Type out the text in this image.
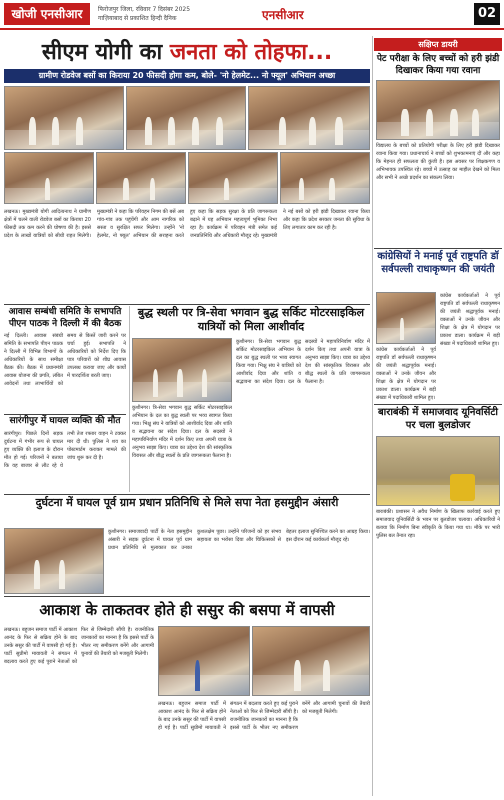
खोजी एनसीआर	फिरोजपुर जिला, रविवार 7 दिसंबर 2025
गाज़ियाबाद से प्रकाशित हिन्दी दैनिक	एनसीआर	02
सीएम योगी का जनता को तोहफा...
ग्रामीण रोडवेज बसों का किराया 20 फीसदी होगा कम, बोले- 'नो हेलमेट... नो फ्यूल' अभियान अच्छा
लखनऊ। मुख्यमंत्री योगी आदित्यनाथ ने ग्रामीण क्षेत्रों में चलने वाली रोडवेज बसों का किराया 20 फीसदी तक कम करने की घोषणा की है। इससे प्रदेश के लाखों यात्रियों को सीधी राहत मिलेगी। मुख्यमंत्री ने कहा कि परिवहन निगम की बसें अब गांव-गांव तक पहुंचेंगी और आम नागरिक को सस्ता व सुरक्षित सफर मिलेगा। उन्होंने 'नो हेलमेट, नो फ्यूल' अभियान की सराहना करते हुए कहा कि सड़क सुरक्षा के प्रति जागरूकता बढ़ाने में यह अभियान महत्वपूर्ण भूमिका निभा रहा है। कार्यक्रम में परिवहन मंत्री समेत कई जनप्रतिनिधि और अधिकारी मौजूद रहे। मुख्यमंत्री ने नई बसों को हरी झंडी दिखाकर रवाना किया और कहा कि प्रदेश सरकार जनता की सुविधा के लिए लगातार काम कर रही है।
आवास सम्बंधी समिति के सभापति
पीएन पाठक ने दिल्ली में की बैठक
नई दिल्ली। आवास संबंधी समिति के सभापति पीएन पाठक ने दिल्ली में विभिन्न विभागों के अधिकारियों के साथ समीक्षा बैठक की। बैठक में प्रधानमंत्री आवास योजना की प्रगति, लंबित आवेदनों तथा लाभार्थियों को समय से किस्तें जारी करने पर चर्चा हुई। सभापति ने अधिकारियों को निर्देश दिए कि पात्र परिवारों को शीघ्र आवास उपलब्ध कराया जाए और कार्यों में पारदर्शिता बरती जाए।
सारंगीपुर में घायल व्यक्ति की मौत
सारंगीपुर। पिछले दिनों सड़क दुर्घटना में गंभीर रूप से घायल हुए व्यक्ति की इलाज के दौरान मौत हो गई। परिजनों ने बताया कि वह बाजार से लौट रहे थे तभी तेज रफ्तार वाहन ने टक्कर मार दी थी। पुलिस ने शव का पोस्टमार्टम कराकर मामले की जांच शुरू कर दी है।
बुद्ध स्थली पर त्रि-सेवा भगवान बुद्ध सर्किट मोटरसाइकिल यात्रियों को मिला आशीर्वाद
कुशीनगर। त्रि-सेवा भगवान बुद्ध सर्किट मोटरसाइकिल अभियान के दल का बुद्ध स्थली पर भव्य स्वागत किया गया। भिक्षु संघ ने यात्रियों को आशीर्वाद दिया और शांति व सद्भावना का संदेश दिया। दल के सदस्यों ने महापरिनिर्वाण मंदिर में दर्शन किए तथा अपनी यात्रा के अनुभव साझा किए। यात्रा का उद्देश्य देश की सांस्कृतिक विरासत और बौद्ध स्थलों के प्रति जागरूकता फैलाना है।
कुशीनगर। त्रि-सेवा भगवान बुद्ध सर्किट मोटरसाइकिल अभियान के दल का बुद्ध स्थली पर भव्य स्वागत किया गया। भिक्षु संघ ने यात्रियों को आशीर्वाद दिया और शांति व सद्भावना का संदेश दिया। दल के सदस्यों ने महापरिनिर्वाण मंदिर में दर्शन किए तथा अपनी यात्रा के अनुभव साझा किए। यात्रा का उद्देश्य देश की सांस्कृतिक विरासत और बौद्ध स्थलों के प्रति जागरूकता फैलाना है।
दुर्घटना में घायल पूर्व ग्राम प्रधान प्रतिनिधि से मिले सपा नेता हसमुद्दीन अंसारी
कुशीनगर। समाजवादी पार्टी के नेता हसमुद्दीन अंसारी ने सड़क दुर्घटना में घायल पूर्व ग्राम प्रधान प्रतिनिधि से मुलाकात कर उनका कुशलक्षेम पूछा। उन्होंने परिजनों को हर संभव सहायता का भरोसा दिया और चिकित्सकों से बेहतर इलाज सुनिश्चित करने का आग्रह किया। इस दौरान कई कार्यकर्ता मौजूद रहे।
आकाश के ताकतवर होते ही ससुर की बसपा में वापसी
लखनऊ। बहुजन समाज पार्टी में आकाश आनंद के फिर से सक्रिय होने के बाद उनके ससुर की पार्टी में वापसी हो गई है। पार्टी सुप्रीमो मायावती ने संगठन में बदलाव करते हुए कई पुराने नेताओं को फिर से जिम्मेदारी सौंपी है। राजनीतिक जानकारों का मानना है कि इससे पार्टी के भीतर नए समीकरण बनेंगे और आगामी चुनावों की तैयारी को मजबूती मिलेगी।
लखनऊ। बहुजन समाज पार्टी में आकाश आनंद के फिर से सक्रिय होने के बाद उनके ससुर की पार्टी में वापसी हो गई है। पार्टी सुप्रीमो मायावती ने संगठन में बदलाव करते हुए कई पुराने नेताओं को फिर से जिम्मेदारी सौंपी है। राजनीतिक जानकारों का मानना है कि इससे पार्टी के भीतर नए समीकरण बनेंगे और आगामी चुनावों की तैयारी को मजबूती मिलेगी।
सक्षिप्त डायरी
पेट परीक्षा के लिए बच्चों को हरी झंडी दिखाकर किया गया रवाना
विद्यालय के बच्चों को प्रतियोगी परीक्षा के लिए हरी झंडी दिखाकर रवाना किया गया। प्रधानाचार्य ने बच्चों को शुभकामनाएं दीं और कहा कि मेहनत ही सफलता की कुंजी है। इस अवसर पर शिक्षकगण व अभिभावक उपस्थित रहे। बच्चों में उत्साह का माहौल देखने को मिला और सभी ने अच्छे प्रदर्शन का संकल्प लिया।
कांग्रेसियों ने मनाई पूर्व राष्ट्रपति डॉ सर्वपल्ली राधाकृष्णन की जयंती
कांग्रेस कार्यकर्ताओं ने पूर्व राष्ट्रपति डॉ सर्वपल्ली राधाकृष्णन की जयंती श्रद्धापूर्वक मनाई। वक्ताओं ने उनके जीवन और शिक्षा के क्षेत्र में योगदान पर प्रकाश डाला। कार्यक्रम में बड़ी संख्या में पदाधिकारी शामिल हुए।
कांग्रेस कार्यकर्ताओं ने पूर्व राष्ट्रपति डॉ सर्वपल्ली राधाकृष्णन की जयंती श्रद्धापूर्वक मनाई। वक्ताओं ने उनके जीवन और शिक्षा के क्षेत्र में योगदान पर प्रकाश डाला। कार्यक्रम में बड़ी संख्या में पदाधिकारी शामिल हुए।
बाराबंकी में समाजवाद यूनिवर्सिटी पर चला बुलडोजर
बाराबंकी। प्रशासन ने अवैध निर्माण के खिलाफ कार्रवाई करते हुए समाजवाद यूनिवर्सिटी के भवन पर बुलडोजर चलाया। अधिकारियों ने बताया कि निर्माण बिना स्वीकृति के किया गया था। मौके पर भारी पुलिस बल तैनात रहा।
